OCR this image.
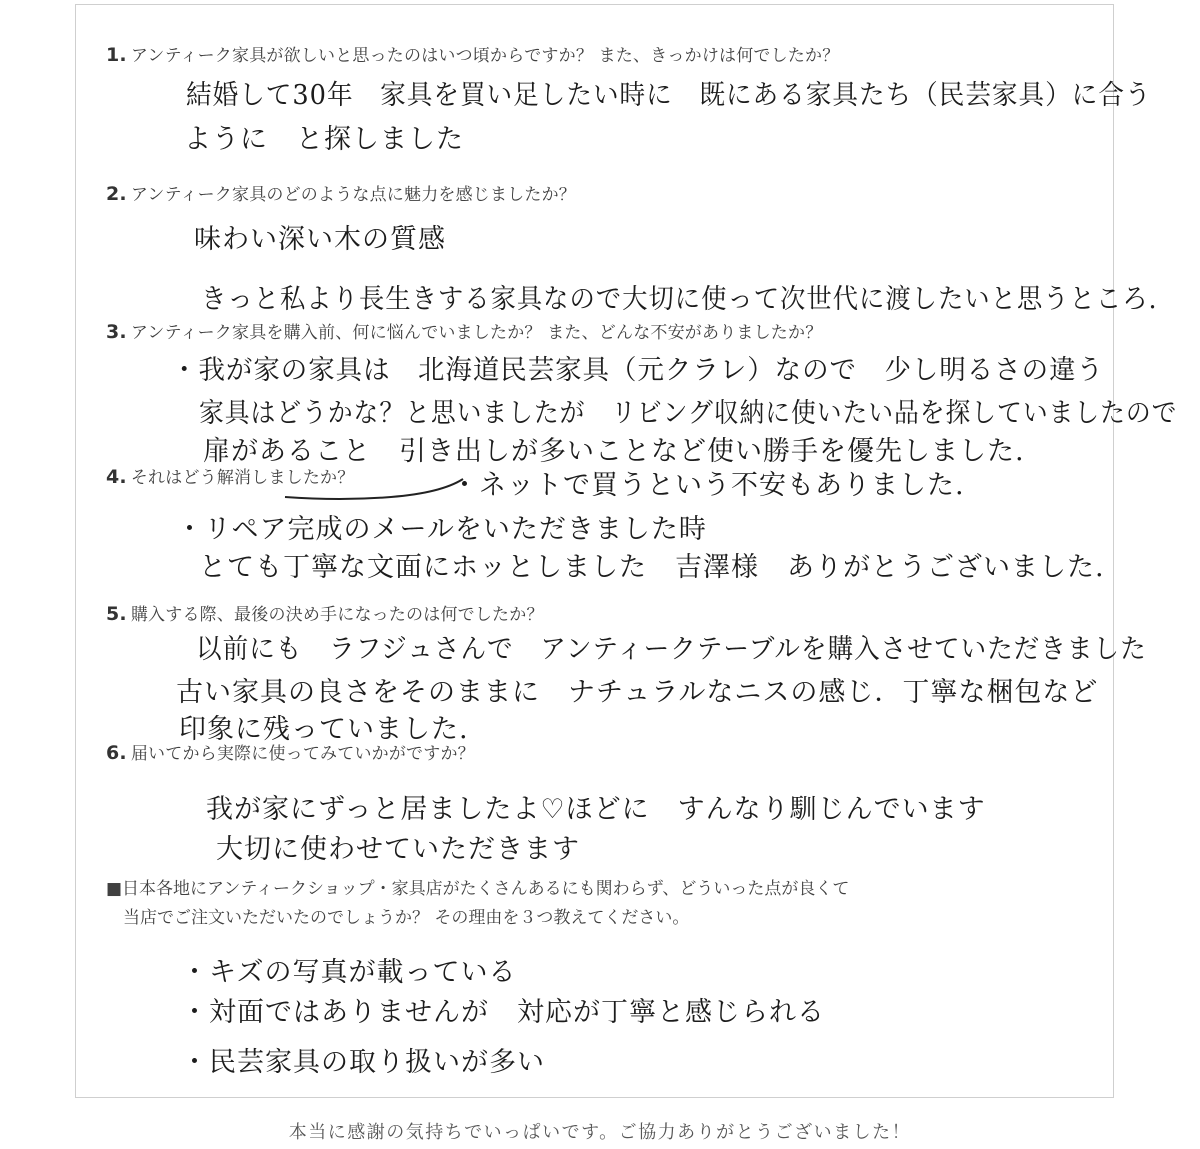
1. アンティーク家具が欲しいと思ったのはいつ頃からですか？ また、きっかけは何でしたか？
結婚して30年　家具を買い足したい時に　既にある家具たち（民芸家具）に合う
ように　と探しました
2. アンティーク家具のどのような点に魅力を感じましたか？
味わい深い木の質感
きっと私より長生きする家具なので大切に使って次世代に渡したいと思うところ.
3. アンティーク家具を購入前、何に悩んでいましたか？ また、どんな不安がありましたか？
・我が家の家具は　北海道民芸家具（元クラレ）なので　少し明るさの違う
家具はどうかな？と思いましたが　リビング収納に使いたい品を探していましたので
扉があること　引き出しが多いことなど使い勝手を優先しました.
4. それはどう解消しましたか？	・ネットで買うという不安もありました.
・リペア完成のメールをいただきました時
とても丁寧な文面にホッとしました　吉澤様　ありがとうございました.
5. 購入する際、最後の決め手になったのは何でしたか？
以前にも　ラフジュさんで　アンティークテーブルを購入させていただきました
古い家具の良さをそのままに　ナチュラルなニスの感じ．丁寧な梱包など
印象に残っていました.
6. 届いてから実際に使ってみていかがですか？
我が家にずっと居ましたよ♡ほどに　すんなり馴じんでいます
大切に使わせていただきます
■日本各地にアンティークショップ・家具店がたくさんあるにも関わらず、どういった点が良くて
　当店でご注文いただいたのでしょうか？ その理由を３つ教えてください。
・キズの写真が載っている
・対面ではありませんが　対応が丁寧と感じられる
・民芸家具の取り扱いが多い
本当に感謝の気持ちでいっぱいです。ご協力ありがとうございました！
